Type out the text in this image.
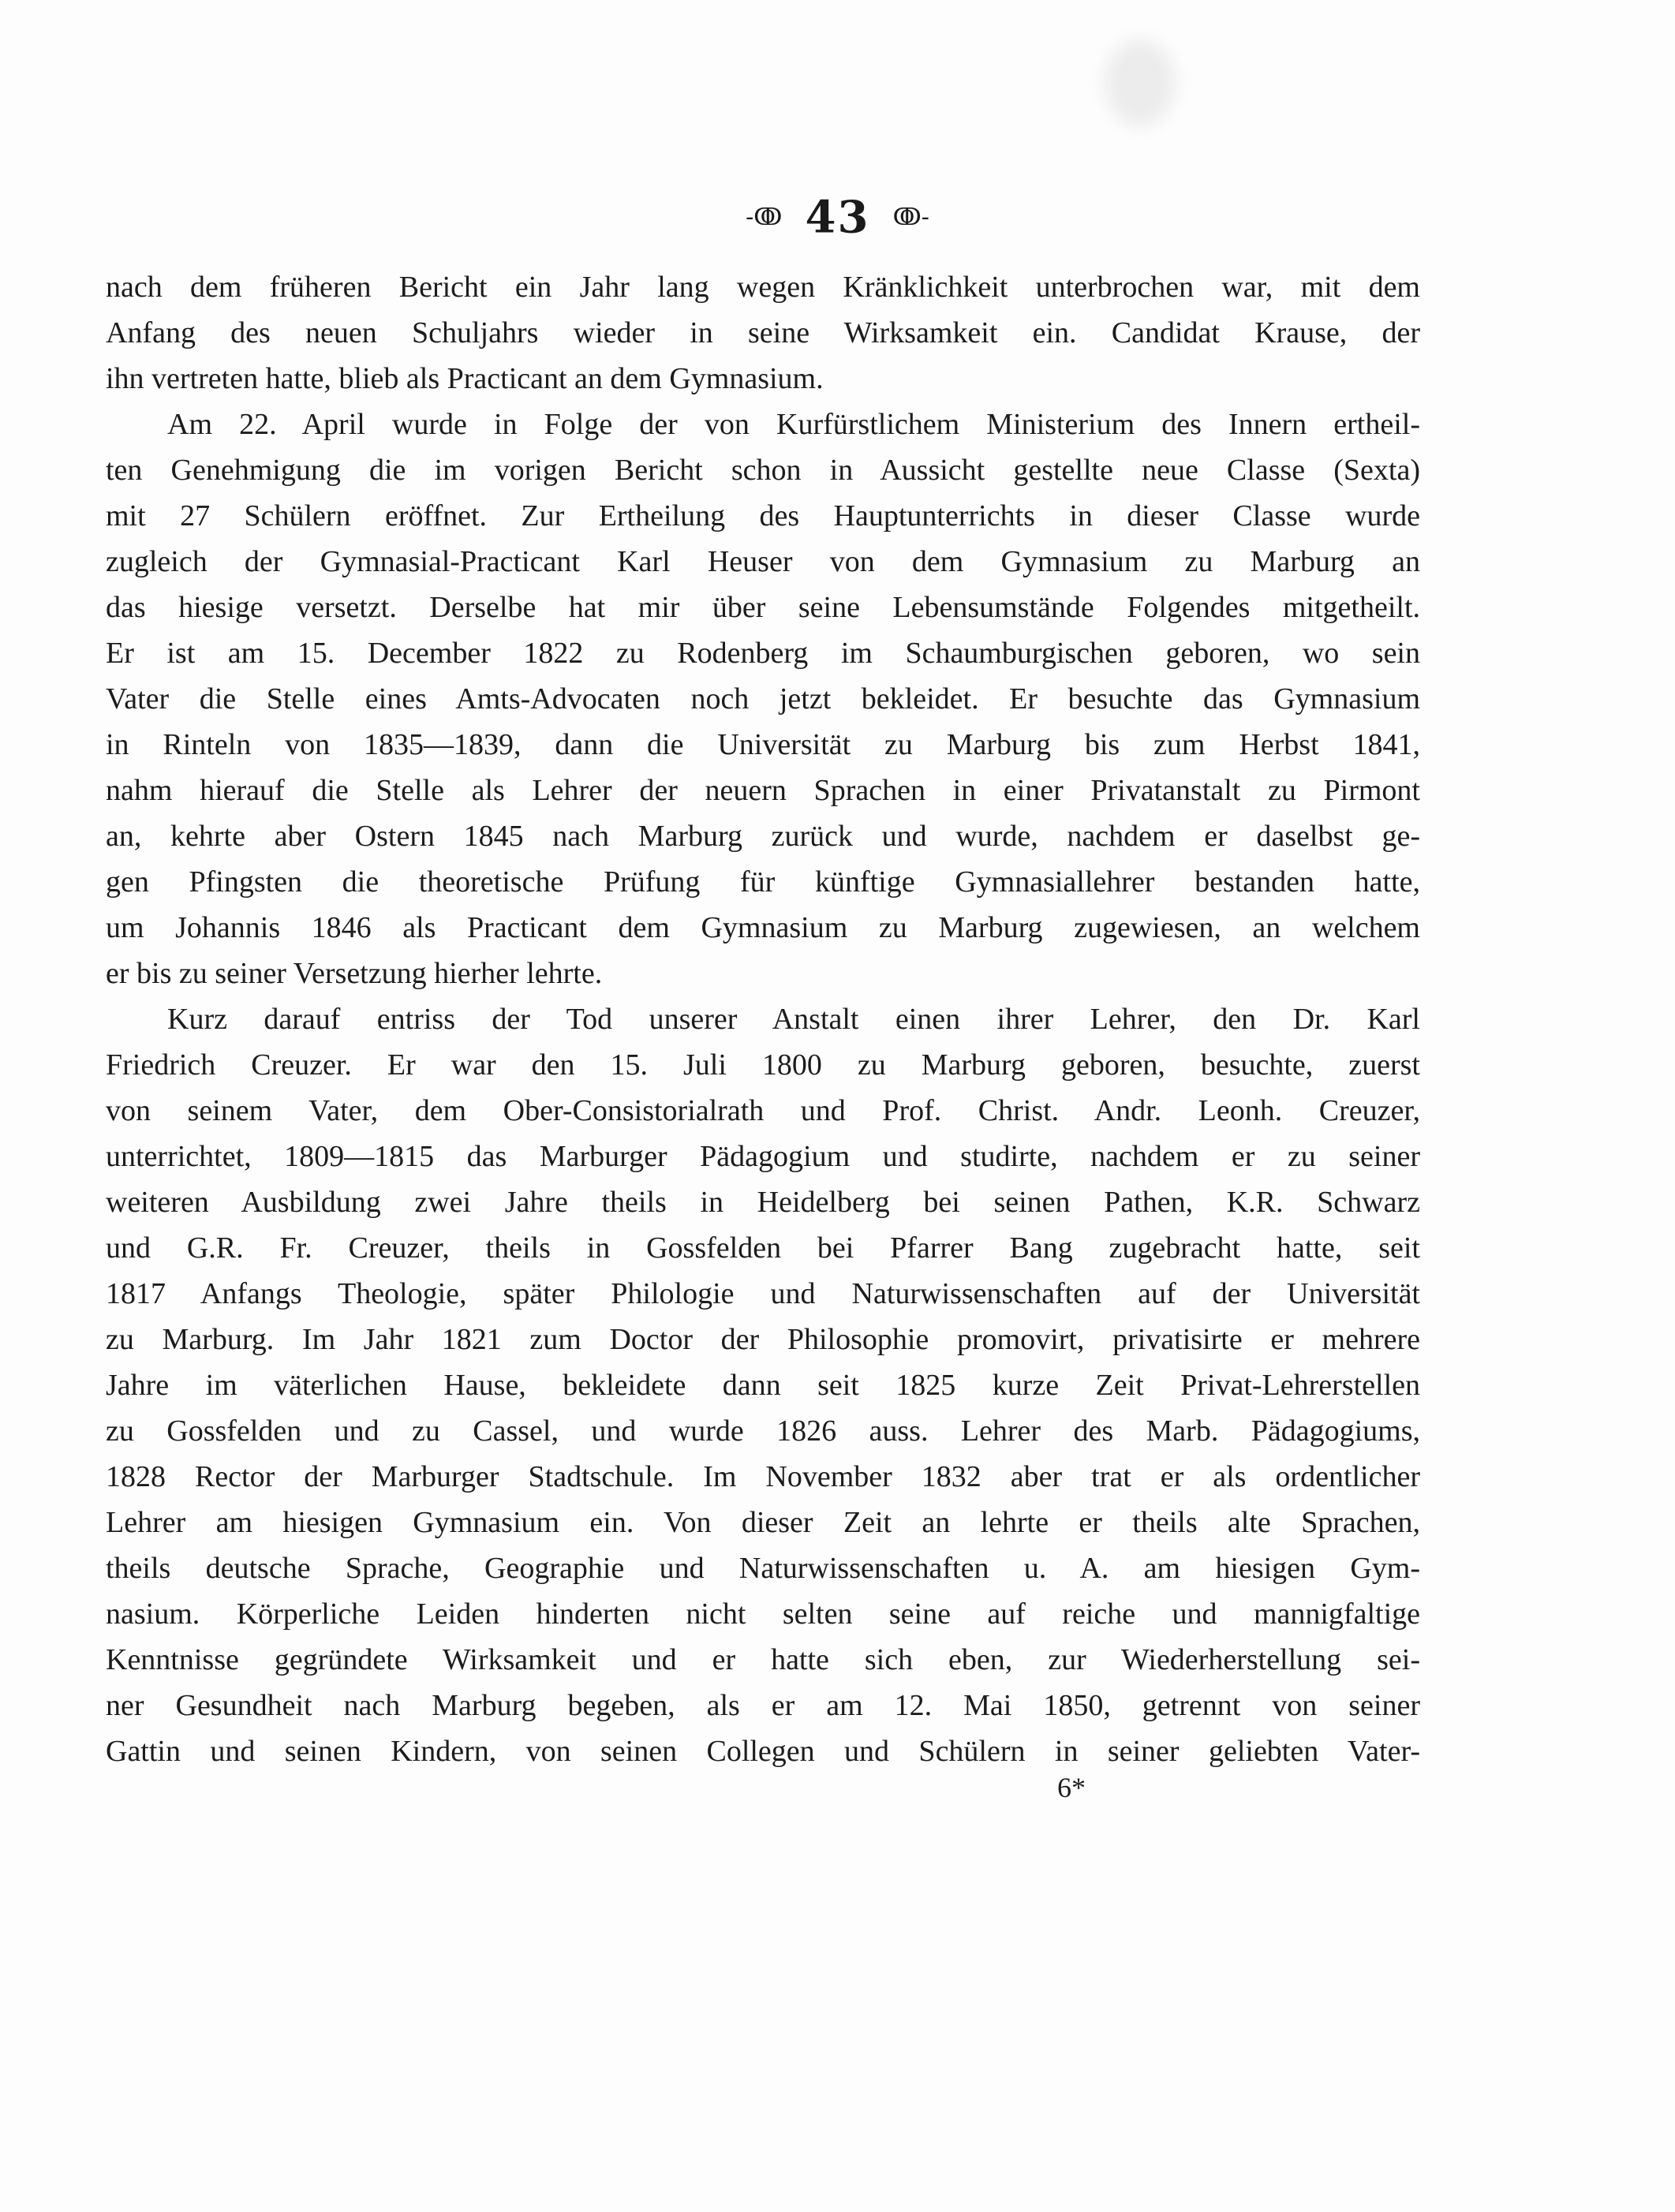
-ↂ 43 ↂ-
nach dem früheren Bericht ein Jahr lang wegen Kränklichkeit unterbrochen war, mit dem
Anfang des neuen Schuljahrs wieder in seine Wirksamkeit ein. Candidat Krause, der
ihn vertreten hatte, blieb als Practicant an dem Gymnasium.
Am 22. April wurde in Folge der von Kurfürstlichem Ministerium des Innern ertheil-
ten Genehmigung die im vorigen Bericht schon in Aussicht gestellte neue Classe (Sexta)
mit 27 Schülern eröffnet. Zur Ertheilung des Hauptunterrichts in dieser Classe wurde
zugleich der Gymnasial-Practicant Karl Heuser von dem Gymnasium zu Marburg an
das hiesige versetzt. Derselbe hat mir über seine Lebensumstände Folgendes mitgetheilt.
Er ist am 15. December 1822 zu Rodenberg im Schaumburgischen geboren, wo sein
Vater die Stelle eines Amts-Advocaten noch jetzt bekleidet. Er besuchte das Gymnasium
in Rinteln von 1835—1839, dann die Universität zu Marburg bis zum Herbst 1841,
nahm hierauf die Stelle als Lehrer der neuern Sprachen in einer Privatanstalt zu Pirmont
an, kehrte aber Ostern 1845 nach Marburg zurück und wurde, nachdem er daselbst ge-
gen Pfingsten die theoretische Prüfung für künftige Gymnasiallehrer bestanden hatte,
um Johannis 1846 als Practicant dem Gymnasium zu Marburg zugewiesen, an welchem
er bis zu seiner Versetzung hierher lehrte.
Kurz darauf entriss der Tod unserer Anstalt einen ihrer Lehrer, den Dr. Karl
Friedrich Creuzer. Er war den 15. Juli 1800 zu Marburg geboren, besuchte, zuerst
von seinem Vater, dem Ober-Consistorialrath und Prof. Christ. Andr. Leonh. Creuzer,
unterrichtet, 1809—1815 das Marburger Pädagogium und studirte, nachdem er zu seiner
weiteren Ausbildung zwei Jahre theils in Heidelberg bei seinen Pathen, K.R. Schwarz
und G.R. Fr. Creuzer, theils in Gossfelden bei Pfarrer Bang zugebracht hatte, seit
1817 Anfangs Theologie, später Philologie und Naturwissenschaften auf der Universität
zu Marburg. Im Jahr 1821 zum Doctor der Philosophie promovirt, privatisirte er mehrere
Jahre im väterlichen Hause, bekleidete dann seit 1825 kurze Zeit Privat-Lehrerstellen
zu Gossfelden und zu Cassel, und wurde 1826 auss. Lehrer des Marb. Pädagogiums,
1828 Rector der Marburger Stadtschule. Im November 1832 aber trat er als ordentlicher
Lehrer am hiesigen Gymnasium ein. Von dieser Zeit an lehrte er theils alte Sprachen,
theils deutsche Sprache, Geographie und Naturwissenschaften u. A. am hiesigen Gym-
nasium. Körperliche Leiden hinderten nicht selten seine auf reiche und mannigfaltige
Kenntnisse gegründete Wirksamkeit und er hatte sich eben, zur Wiederherstellung sei-
ner Gesundheit nach Marburg begeben, als er am 12. Mai 1850, getrennt von seiner
Gattin und seinen Kindern, von seinen Collegen und Schülern in seiner geliebten Vater-
6*
